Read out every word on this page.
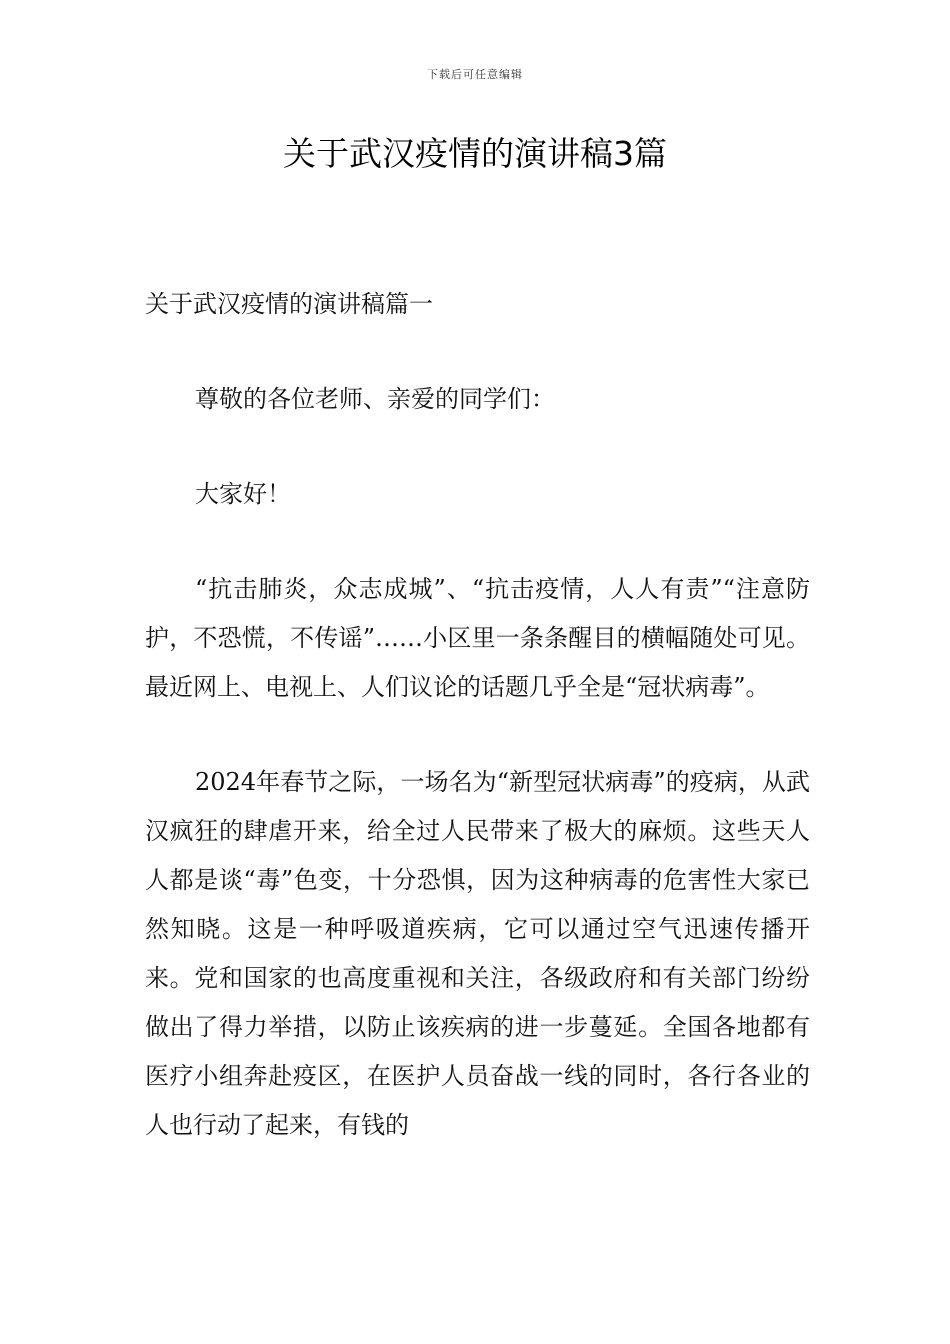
下载后可任意编辑
关于武汉疫情的演讲稿3篇
关于武汉疫情的演讲稿篇一

尊敬的各位老师、亲爱的同学们：

大家好！

“抗击肺炎，众志成城”、“抗击疫情，人人有责”“注意防护，不恐慌，不传谣”……小区里一条条醒目的横幅随处可见。最近网上、电视上、人们议论的话题几乎全是“冠状病毒”。

2024年春节之际，一场名为“新型冠状病毒”的疫病，从武汉疯狂的肆虐开来，给全过人民带来了极大的麻烦。这些天人人都是谈“毒”色变，十分恐惧，因为这种病毒的危害性大家已然知晓。这是一种呼吸道疾病，它可以通过空气迅速传播开来。党和国家的也高度重视和关注，各级政府和有关部门纷纷做出了得力举措，以防止该疾病的进一步蔓延。全国各地都有医疗小组奔赴疫区，在医护人员奋战一线的同时，各行各业的人也行动了起来，有钱的
